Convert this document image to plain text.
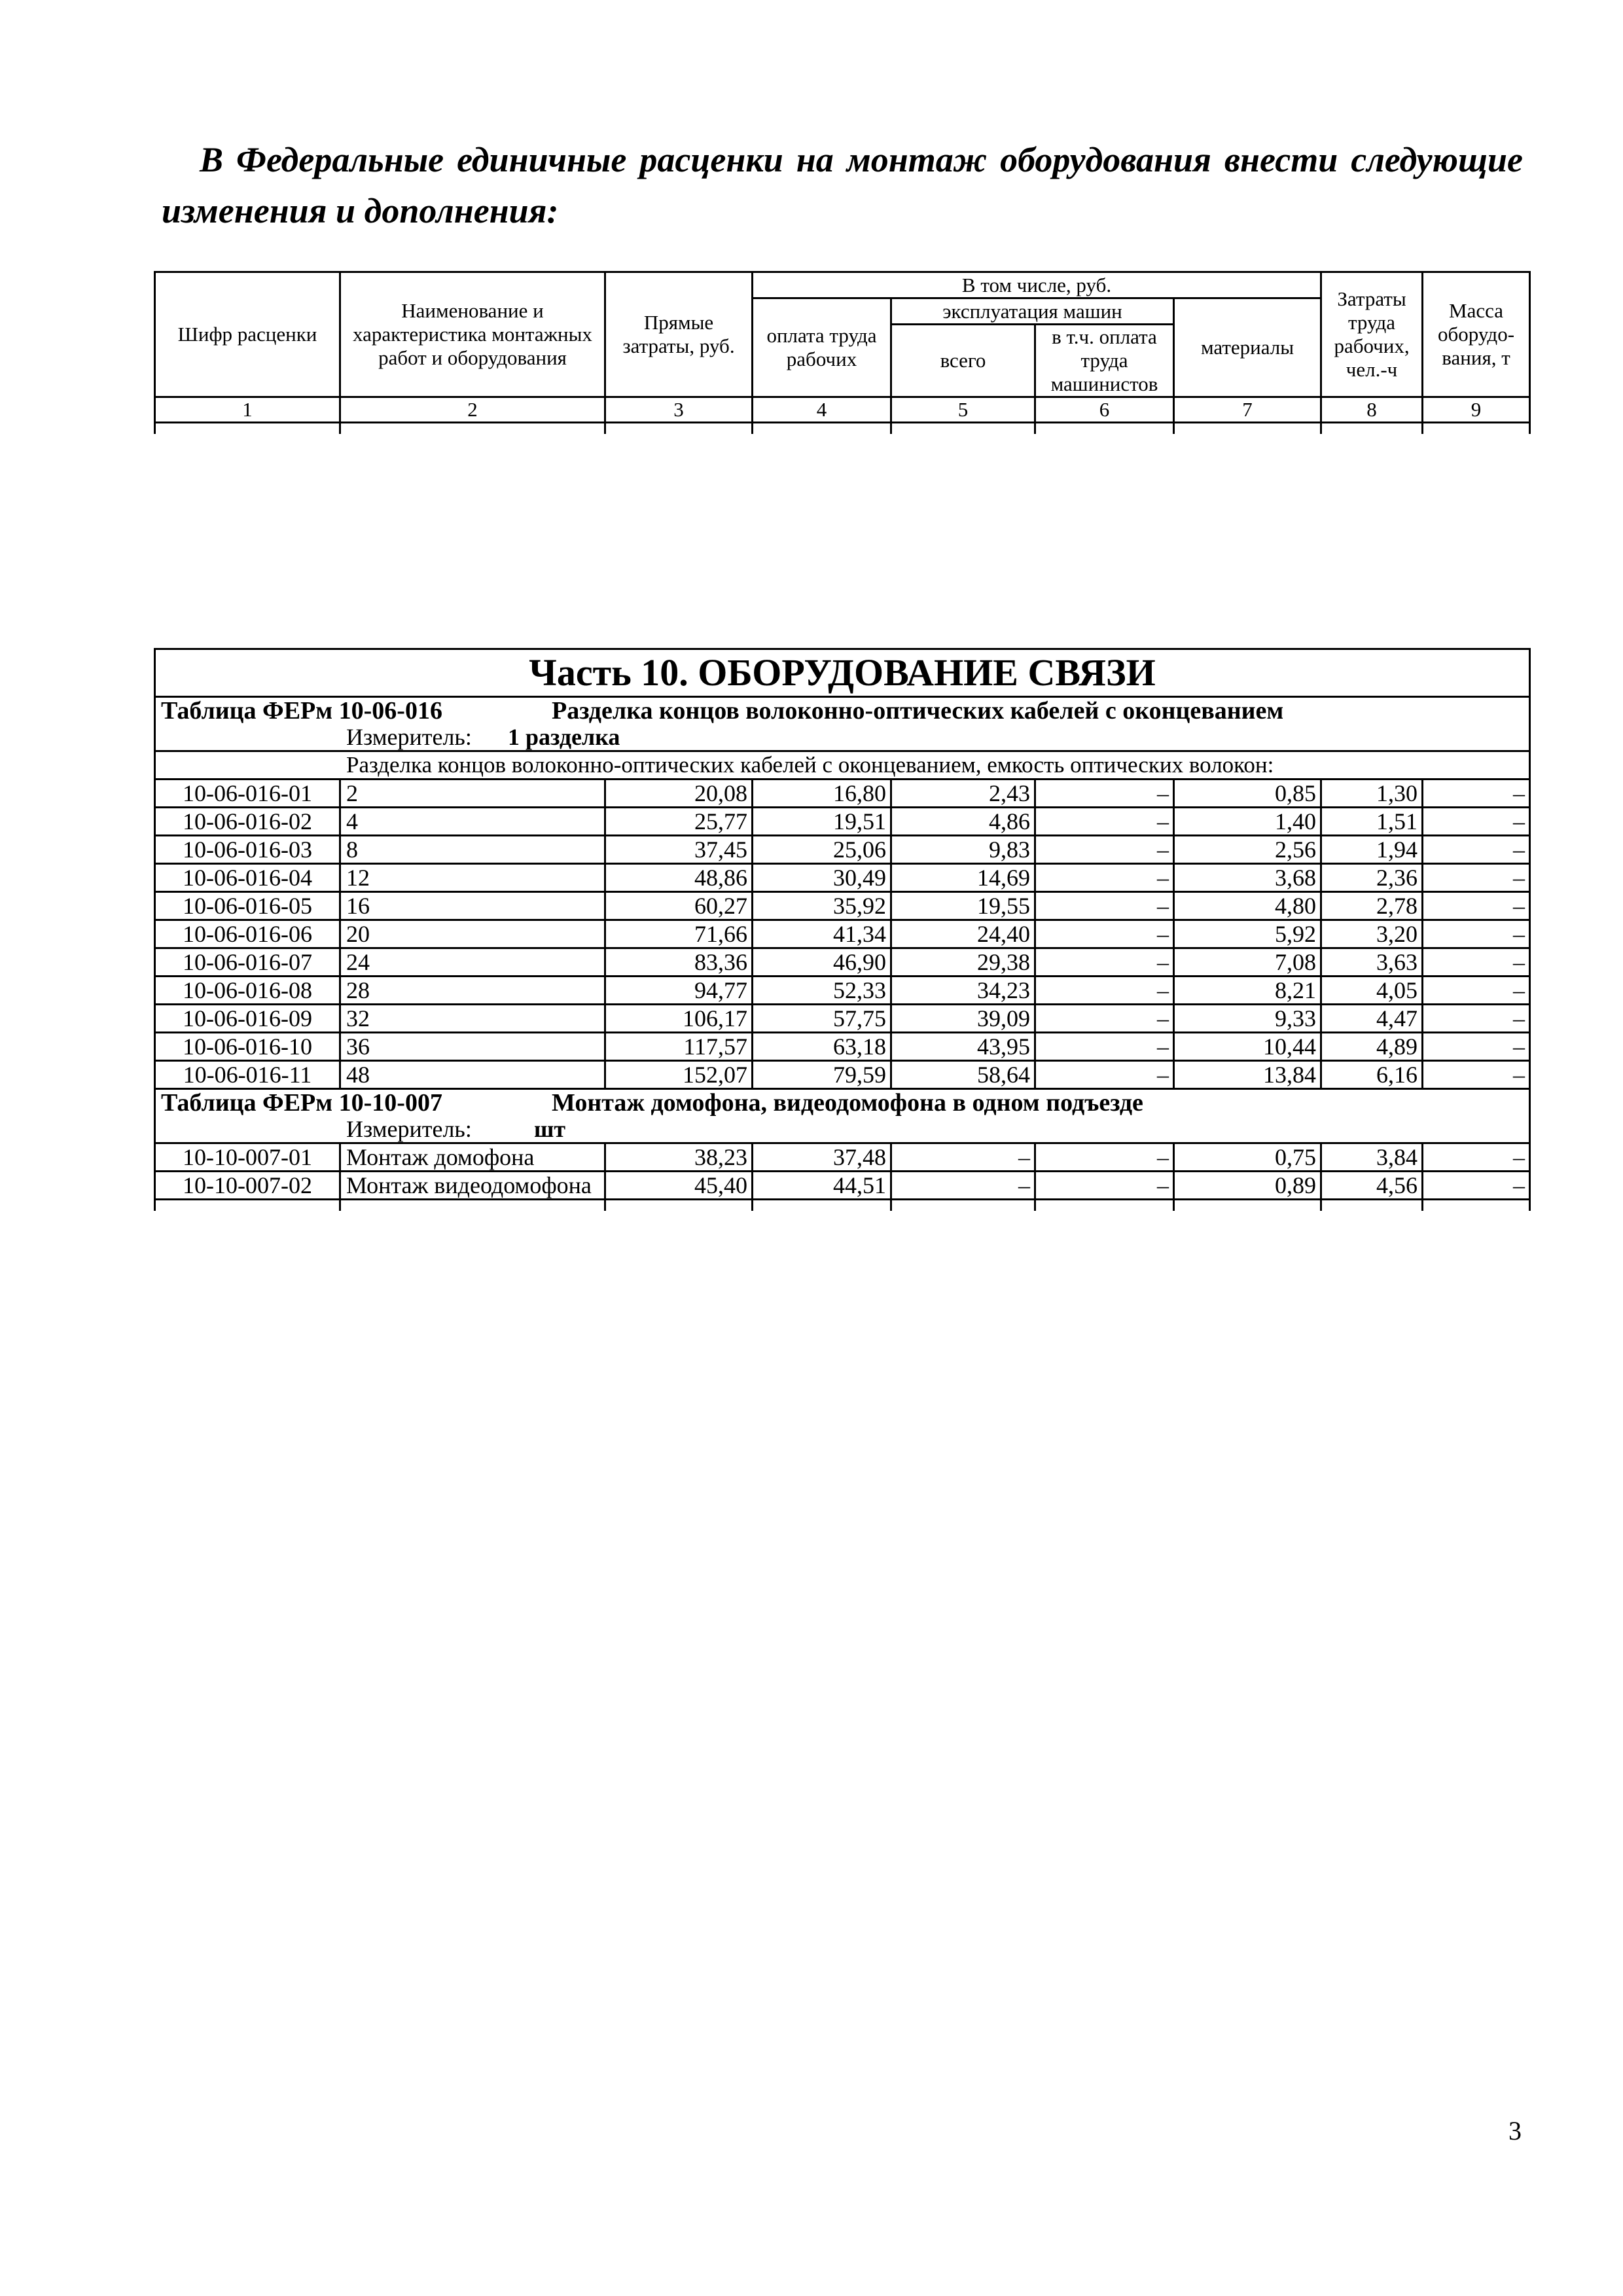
В Федеральные единичные расценки на монтаж оборудования внести следующие изменения и дополнения:
Шифр расценки	Наименование и характеристика монтажных работ и оборудования	Прямые затраты, руб.	В том числе, руб.				Затраты труда рабочих, чел.-ч	Масса оборудо-вания, т
			оплата труда рабочих	эксплуатация машин		материалы		
				всего	в т.ч. оплата труда машинистов			
1	2	3	4	5	6	7	8	9

Часть 10. ОБОРУДОВАНИЕ СВЯЗИ								
Таблица ФЕРм 10-06-016 Разделка концов волоконно-оптических кабелей с оконцеванием								

Измеритель: 1 разделка								

Разделка концов волоконно-оптических кабелей с оконцеванием, емкость оптических волокон:								
10-06-016-01	2	20,08	16,80	2,43	–	0,85	1,30	–
10-06-016-02	4	25,77	19,51	4,86	–	1,40	1,51	–
10-06-016-03	8	37,45	25,06	9,83	–	2,56	1,94	–
10-06-016-04	12	48,86	30,49	14,69	–	3,68	2,36	–
10-06-016-05	16	60,27	35,92	19,55	–	4,80	2,78	–
10-06-016-06	20	71,66	41,34	24,40	–	5,92	3,20	–
10-06-016-07	24	83,36	46,90	29,38	–	7,08	3,63	–
10-06-016-08	28	94,77	52,33	34,23	–	8,21	4,05	–
10-06-016-09	32	106,17	57,75	39,09	–	9,33	4,47	–
10-06-016-10	36	117,57	63,18	43,95	–	10,44	4,89	–
10-06-016-11	48	152,07	79,59	58,64	–	13,84	6,16	–
Таблица ФЕРм 10-10-007 Монтаж домофона, видеодомофона в одном подъезде								

Измеритель: шт								

10-10-007-01	Монтаж домофона	38,23	37,48	–	–	0,75	3,84	–
10-10-007-02	Монтаж видеодомофона	45,40	44,51	–	–	0,89	4,56	–

3
